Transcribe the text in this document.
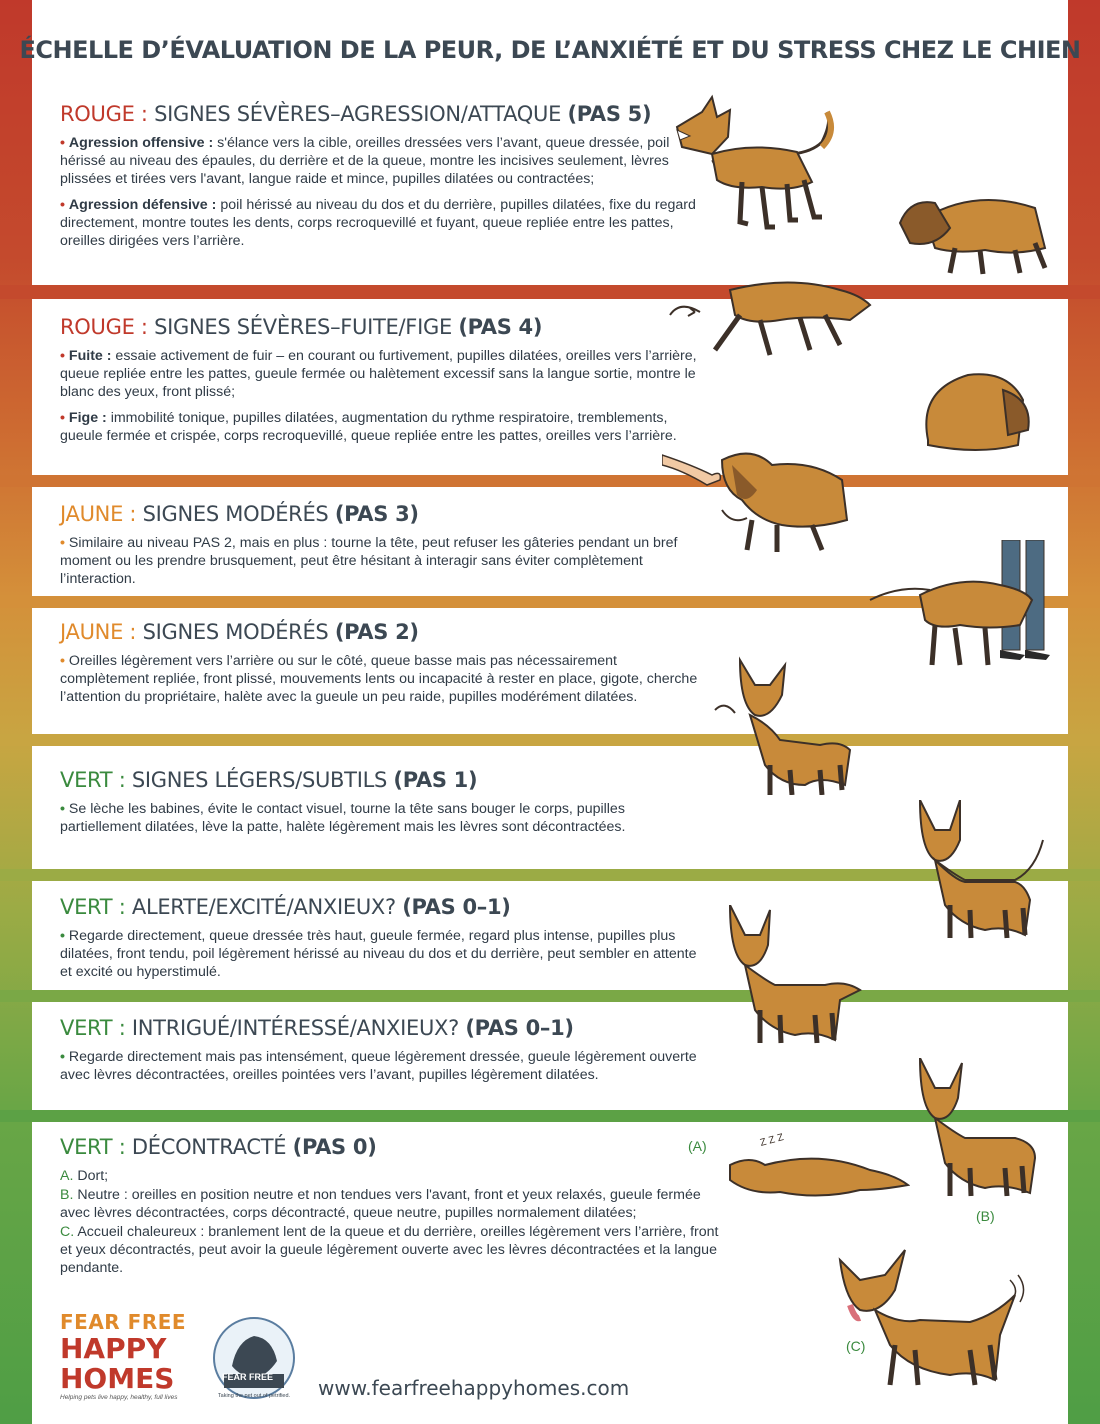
ÉCHELLE D’ÉVALUATION DE LA PEUR, DE L’ANXIÉTÉ ET DU STRESS CHEZ LE CHIEN
ROUGE : SIGNES SÉVÈRES–AGRESSION/ATTAQUE (PAS 5)

• Agression offensive : s'élance vers la cible, oreilles dressées vers l’avant, queue dressée, poil hérissé au niveau des épaules, du derrière et de la queue, montre les incisives seulement, lèvres plissées et tirées vers l'avant, langue raide et mince, pupilles dilatées ou contractées;

• Agression défensive : poil hérissé au niveau du dos et du derrière, pupilles dilatées, fixe du regard directement, montre toutes les dents, corps recroquevillé et fuyant, queue repliée entre les pattes, oreilles dirigées vers l’arrière.

ROUGE : SIGNES SÉVÈRES–FUITE/FIGE (PAS 4)

• Fuite : essaie activement de fuir – en courant ou furtivement, pupilles dilatées, oreilles vers l’arrière, queue repliée entre les pattes, gueule fermée ou halètement excessif sans la langue sortie, montre le blanc des yeux, front plissé;

• Fige : immobilité tonique, pupilles dilatées, augmentation du rythme respiratoire, tremblements, gueule fermée et crispée, corps recroquevillé, queue repliée entre les pattes, oreilles vers l’arrière.

JAUNE : SIGNES MODÉRÉS (PAS 3)

• Similaire au niveau PAS 2, mais en plus : tourne la tête, peut refuser les gâteries pendant un bref moment ou les prendre brusquement, peut être hésitant à interagir sans éviter complètement l’interaction.

JAUNE : SIGNES MODÉRÉS (PAS 2)

• Oreilles légèrement vers l’arrière ou sur le côté, queue basse mais pas nécessairement complètement repliée, front plissé, mouvements lents ou incapacité à rester en place, gigote, cherche l’attention du propriétaire, halète avec la gueule un peu raide, pupilles modérément dilatées.

VERT : SIGNES LÉGERS/SUBTILS (PAS 1)

• Se lèche les babines, évite le contact visuel, tourne la tête sans bouger le corps, pupilles partiellement dilatées, lève la patte, halète légèrement mais les lèvres sont décontractées.

VERT : ALERTE/EXCITÉ/ANXIEUX? (PAS 0–1)

• Regarde directement, queue dressée très haut, gueule fermée, regard plus intense, pupilles plus dilatées, front tendu, poil légèrement hérissé au niveau du dos et du derrière, peut sembler en attente et excité ou hyperstimulé.

VERT : INTRIGUÉ/INTÉRESSÉ/ANXIEUX? (PAS 0–1)

• Regarde directement mais pas intensément, queue légèrement dressée, gueule légèrement ouverte avec lèvres décontractées, oreilles pointées vers l’avant, pupilles légèrement dilatées.

VERT : DÉCONTRACTÉ (PAS 0)

A. Dort;

B. Neutre : oreilles en position neutre et non tendues vers l'avant, front et yeux relaxés, gueule fermée avec lèvres décontractées, corps décontracté, queue neutre, pupilles normalement dilatées;

C. Accueil chaleureux : branlement lent de la queue et du derrière, oreilles légèrement vers l’arrière, front et yeux décontractés, peut avoir la gueule légèrement ouverte avec les lèvres décontractées et la langue pendante.

(A)	Z Z Z
(B)
(C)
FEAR FREE
HAPPY
HOMES
Helping pets live happy, healthy, full lives
FEAR FREE
Taking the pet out of petrified.	www.fearfreehappyhomes.com
